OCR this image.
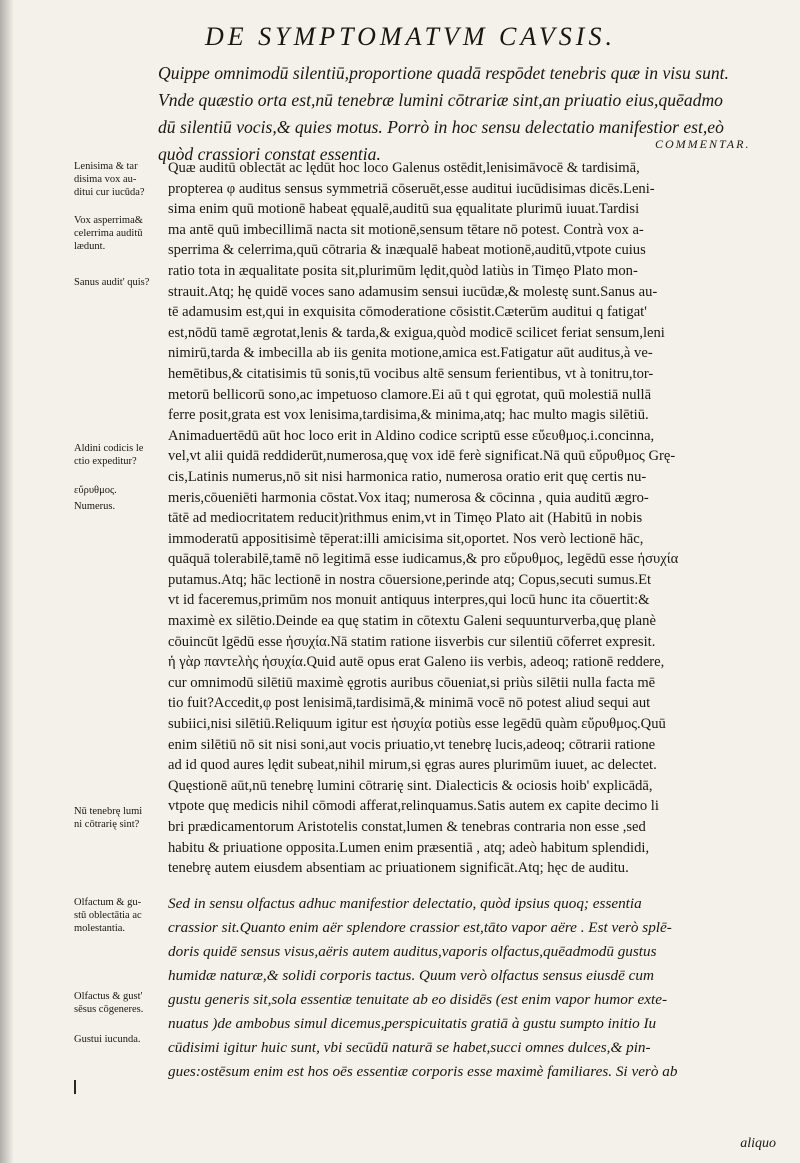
DE SYMPTOMATVM CAVSIS.
Quippe omnimodū silentiū,proportione quadā respōdet tenebris quæ in visu sunt.
Vnde quæstio orta est,nū tenebræ lumini cōtrariæ sint,an priuatio eius,quēadmo
dū silentiū vocis,& quies motus. Porrò in hoc sensu delectatio manifestior est,eò
quòd crassiori constat essentia.	COMMENTAR.
Quæ auditū oblectāt ac lędūt hoc loco Galenus ostēdit,lenisimāvocē & tardisimā,
propterea φ auditus sensus symmetriā cōseruēt,esse auditui iucūdisimas dicēs.Leni-
sima enim quū motionē habeat ęqualē,auditū sua ęqualitate plurimū iuuat.Tardisi
ma antē quū imbecillimā nacta sit motionē,sensum tētare nō potest. Contrà vox a-
sperrima & celerrima,quū cōtraria & inæqualē habeat motionē,auditū,vtpote cuius
ratio tota in æqualitate posita sit,plurimūm lędit,quòd latiùs in Timęo Plato mon-
strauit.Atq; hę quidē voces sano adamusim sensui iucūdæ,& molestę sunt.Sanus au-
tē adamusim est,qui in exquisita cōmoderatione cōsistit.Cæterūm auditui q fatigat'
est,nōdū tamē ægrotat,lenis & tarda,& exigua,quòd modicē scilicet feriat sensum,leni
nimirū,tarda & imbecilla ab iis genita motione,amica est.Fatigatur aūt auditus,à ve-
hemētibus,& citatisimis tū sonis,tū vocibus altē sensum ferientibus, vt à tonitru,tor-
metorū bellicorū sono,ac impetuoso clamore.Ei aū t qui ęgrotat, quū molestiā nullā
ferre posit,grata est vox lenisima,tardisima,& minima,atq; hac multo magis silētiū.
Animaduertēdū aūt hoc loco erit in Aldino codice scriptū esse εὔευθμος.i.concinna,
vel,vt alii quidā reddiderūt,numerosa,quę vox idē ferè significat.Nā quū εὔρυθμος Grę-
cis,Latinis numerus,nō sit nisi harmonica ratio, numerosa oratio erit quę certis nu-
meris,cōueniēti harmonia cōstat.Vox itaq; numerosa & cōcinna , quia auditū ægro-
tātē ad mediocritatem reducit)rithmus enim,vt in Timęo Plato ait (Habitū in nobis
immoderatū appositisimè tēperat:illi amicisima sit,oportet. Nos verò lectionē hāc,
quāquā tolerabilē,tamē nō legitimā esse iudicamus,& pro εὔρυθμος, legēdū esse ἡσυχία
putamus.Atq; hāc lectionē in nostra cōuersione,perinde atq; Copus,secuti sumus.Et
vt id faceremus,primūm nos monuit antiquus interpres,qui locū hunc ita cōuertit:&
maximè ex silētio.Deinde ea quę statim in cōtextu Galeni sequunturverba,quę planè
cōuincūt lgēdū esse ἡσυχία.Nā statim ratione iisverbis cur silentiū cōferret expresit.
ἡ γὰρ παντελὴς ἡσυχία.Quid autē opus erat Galeno iis verbis, adeoq; rationē reddere,
cur omnimodū silētiū maximè ęgrotis auribus cōueniat,si priùs silētii nulla facta mē
tio fuit?Accedit,φ post lenisimā,tardisimā,& minimā vocē nō potest aliud sequi aut
subiici,nisi silētiū.Reliquum igitur est ἡσυχία potiùs esse legēdū quàm εὔρυθμος.Quū
enim silētiū nō sit nisi soni,aut vocis priuatio,vt tenebrę lucis,adeoq; cōtrarii ratione
ad id quod aures lędit subeat,nihil mirum,si ęgras aures plurimūm iuuet, ac delectet.
Quęstionē aūt,nū tenebrę lumini cōtrarię sint. Dialecticis & ociosis hoib' explicādā,
vtpote quę medicis nihil cōmodi afferat,relinquamus.Satis autem ex capite decimo li
bri prædicamentorum Aristotelis constat,lumen & tenebras contraria non esse ,sed
habitu & priuatione opposita.Lumen enim præsentiā , atq; adeò habitum splendidi,
tenebrę autem eiusdem absentiam ac priuationem significāt.Atq; hęc de auditu.
Sed in sensu olfactus adhuc manifestior delectatio, quòd ipsius quoq; essentia
crassior sit.Quanto enim aër splendore crassior est,tāto vapor aëre . Est verò splē-
doris quidē sensus visus,aëris autem auditus,vaporis olfactus,quēadmodū gustus
humidæ naturæ,& solidi corporis tactus. Quum verò olfactus sensus eiusdē cum
gustu generis sit,sola essentiæ tenuitate ab eo disidēs (est enim vapor humor exte-
nuatus )de ambobus simul dicemus,perspicuitatis gratiā à gustu sumpto initio Iu
cūdisimi igitur huic sunt, vbi secūdū naturā se habet,succi omnes dulces,& pin-
gues:ostēsum enim est hos oēs essentiæ corporis esse maximè familiares. Si verò ab
aliquo
Lenisima & tar
disima vox au-
ditui cur iucūda?
Vox asperrima&
celerrima auditū
lædunt.
Sanus audit' quis?
Aldini codicis le
ctio expeditur?
εὔρυθμος.
Numerus.
Nū tenebrę lumi
ni cōtrarię sint?
Olfactum & gu-
stū oblectātia ac
molestantia.
Olfactus & gust'
sēsus cōgeneres.
Gustui iucunda.
